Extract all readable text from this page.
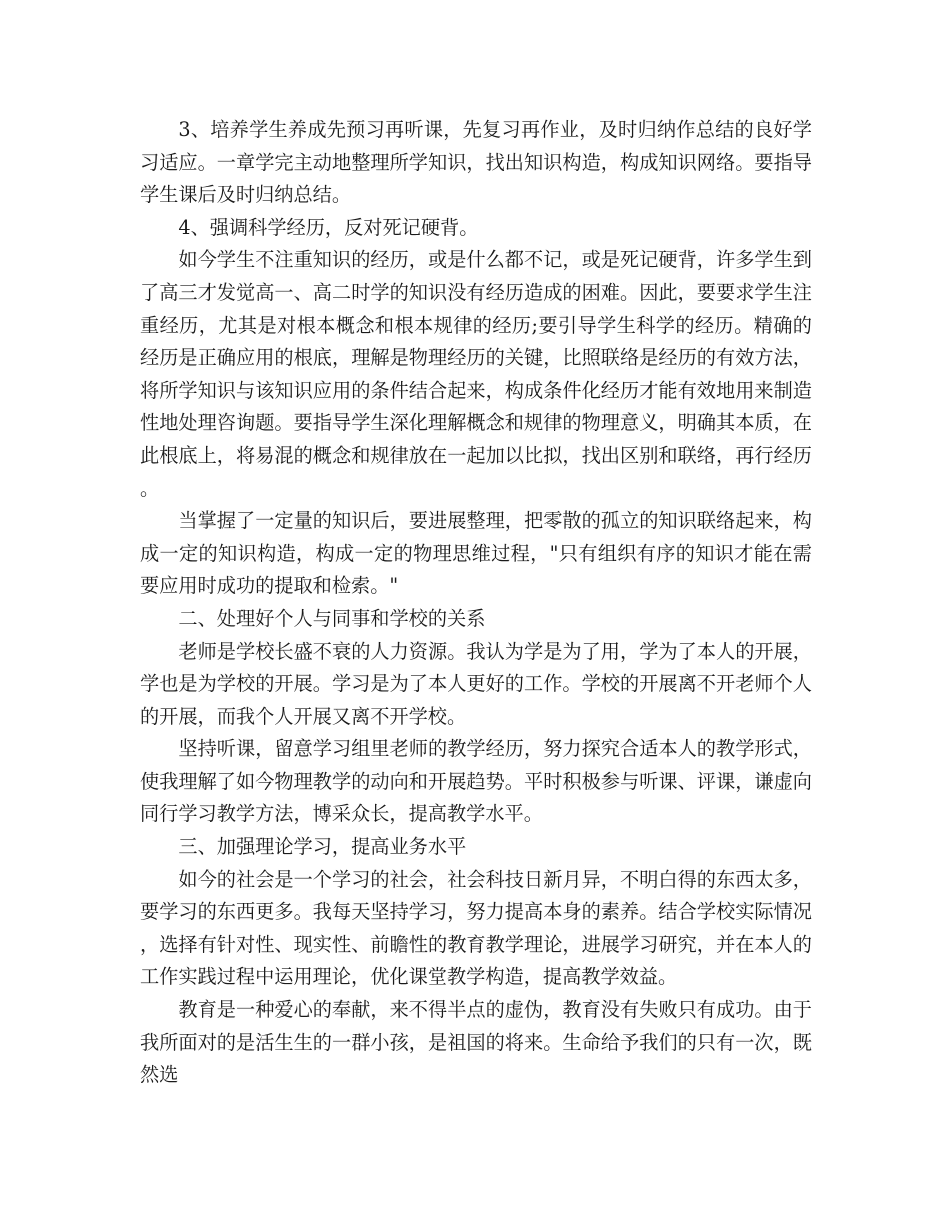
3、培养学生养成先预习再听课，先复习再作业，及时归纳作总结的良好学习适应。一章学完主动地整理所学知识，找出知识构造，构成知识网络。要指导学生课后及时归纳总结。

4、强调科学经历，反对死记硬背。

如今学生不注重知识的经历，或是什么都不记，或是死记硬背，许多学生到了高三才发觉高一、高二时学的知识没有经历造成的困难。因此，要要求学生注重经历，尤其是对根本概念和根本规律的经历;要引导学生科学的经历。精确的经历是正确应用的根底，理解是物理经历的关键，比照联络是经历的有效方法，将所学知识与该知识应用的条件结合起来，构成条件化经历才能有效地用来制造性地处理咨询题。要指导学生深化理解概念和规律的物理意义，明确其本质，在此根底上，将易混的概念和规律放在一起加以比拟，找出区别和联络，再行经历。

当掌握了一定量的知识后，要进展整理，把零散的孤立的知识联络起来，构成一定的知识构造，构成一定的物理思维过程，"只有组织有序的知识才能在需要应用时成功的提取和检索。"

二、处理好个人与同事和学校的关系

老师是学校长盛不衰的人力资源。我认为学是为了用，学为了本人的开展，学也是为学校的开展。学习是为了本人更好的工作。学校的开展离不开老师个人的开展，而我个人开展又离不开学校。

坚持听课，留意学习组里老师的教学经历，努力探究合适本人的教学形式，使我理解了如今物理教学的动向和开展趋势。平时积极参与听课、评课，谦虚向同行学习教学方法，博采众长，提高教学水平。

三、加强理论学习，提高业务水平

如今的社会是一个学习的社会，社会科技日新月异，不明白得的东西太多，要学习的东西更多。我每天坚持学习，努力提高本身的素养。结合学校实际情况，选择有针对性、现实性、前瞻性的教育教学理论，进展学习研究，并在本人的工作实践过程中运用理论，优化课堂教学构造，提高教学效益。

教育是一种爱心的奉献，来不得半点的虚伪，教育没有失败只有成功。由于我所面对的是活生生的一群小孩，是祖国的将来。生命给予我们的只有一次，既然选
